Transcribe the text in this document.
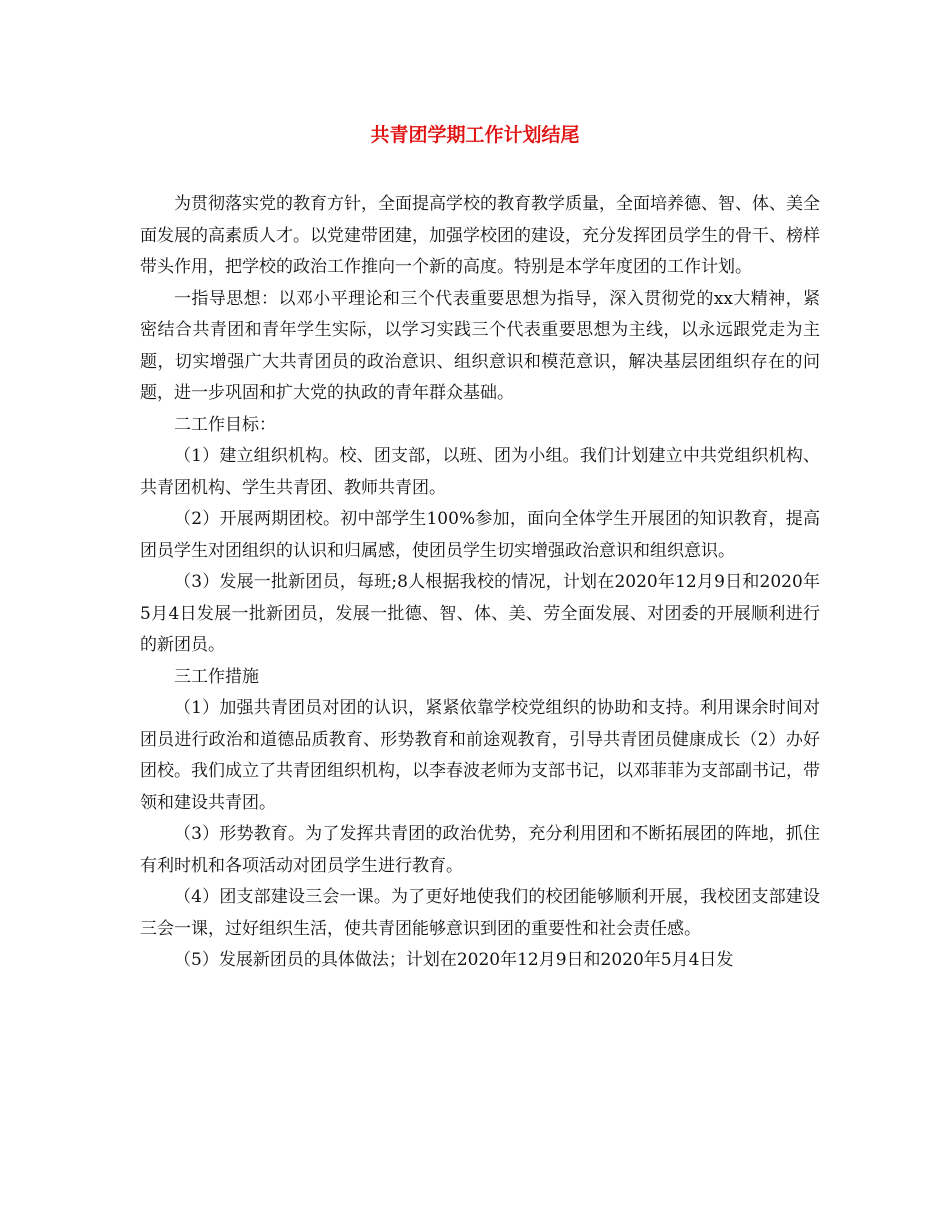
共青团学期工作计划结尾

为贯彻落实党的教育方针，全面提高学校的教育教学质量，全面培养德、智、体、美全面发展的高素质人才。以党建带团建，加强学校团的建设，充分发挥团员学生的骨干、榜样带头作用，把学校的政治工作推向一个新的高度。特别是本学年度团的工作计划。

一指导思想：以邓小平理论和三个代表重要思想为指导，深入贯彻党的xx大精神，紧密结合共青团和青年学生实际，以学习实践三个代表重要思想为主线，以永远跟党走为主题，切实增强广大共青团员的政治意识、组织意识和模范意识，解决基层团组织存在的问题，进一步巩固和扩大党的执政的青年群众基础。

二工作目标：

（1）建立组织机构。校、团支部，以班、团为小组。我们计划建立中共党组织机构、共青团机构、学生共青团、教师共青团。

（2）开展两期团校。初中部学生100%参加，面向全体学生开展团的知识教育，提高团员学生对团组织的认识和归属感，使团员学生切实增强政治意识和组织意识。

（3）发展一批新团员，每班;8人根据我校的情况，计划在2020年12月9日和2020年5月4日发展一批新团员，发展一批德、智、体、美、劳全面发展、对团委的开展顺利进行的新团员。

三工作措施

（1）加强共青团员对团的认识，紧紧依靠学校党组织的协助和支持。利用课余时间对团员进行政治和道德品质教育、形势教育和前途观教育，引导共青团员健康成长（2）办好团校。我们成立了共青团组织机构，以李春波老师为支部书记，以邓菲菲为支部副书记，带领和建设共青团。

（3）形势教育。为了发挥共青团的政治优势，充分利用团和不断拓展团的阵地，抓住有利时机和各项活动对团员学生进行教育。

（4）团支部建设三会一课。为了更好地使我们的校团能够顺利开展，我校团支部建设三会一课，过好组织生活，使共青团能够意识到团的重要性和社会责任感。

（5）发展新团员的具体做法；计划在2020年12月9日和2020年5月4日发
